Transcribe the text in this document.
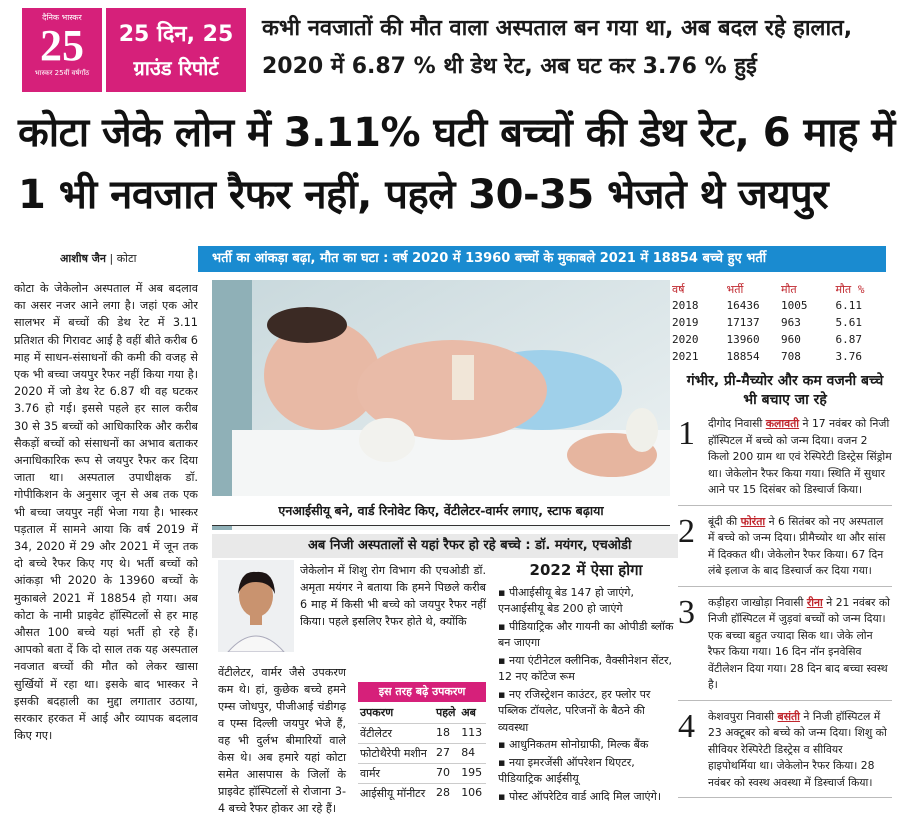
दैनिक भास्कर
25
भास्कर 25वीं वर्षगाँठ
25 दिन, 25
ग्राउंड रिपोर्ट
कभी नवजातों की मौत वाला अस्पताल बन गया था, अब बदल रहे हालात, 2020 में 6.87 % थी डेथ रेट, अब घट कर 3.76 % हुई
कोटा जेके लोन में 3.11% घटी बच्चों की डेथ रेट, 6 माह में 1 भी नवजात रैफर नहीं, पहले 30-35 भेजते थे जयपुर
आशीष जैन | कोटा	भर्ती का आंकड़ा बढ़ा, मौत का घटा : वर्ष 2020 में 13960 बच्चों के मुकाबले 2021 में 18854 बच्चे हुए भर्ती
कोटा के जेकेलोन अस्पताल में अब बदलाव का असर नजर आने लगा है। जहां एक ओर सालभर में बच्चों की डेथ रेट में 3.11 प्रतिशत की गिरावट आई है वहीं बीते करीब 6 माह में साधन-संसाधनों की कमी की वजह से एक भी बच्चा जयपुर रैफर नहीं किया गया है। 2020 में जो डेथ रेट 6.87 थी वह घटकर 3.76 हो गई। इससे पहले हर साल करीब 30 से 35 बच्चों को आधिकारिक और करीब सैकड़ों बच्चों को संसाधनों का अभाव बताकर अनाधिकारिक रूप से जयपुर रैफर कर दिया जाता था। अस्पताल उपाधीक्षक डॉ. गोपीकिशन के अनुसार जून से अब तक एक भी बच्चा जयपुर नहीं भेजा गया है। भास्कर पड़ताल में सामने आया कि वर्ष 2019 में 34, 2020 में 29 और 2021 में जून तक दो बच्चे रैफर किए गए थे। भर्ती बच्चों को आंकड़ा भी 2020 के 13960 बच्चों के मुकाबले 2021 में 18854 हो गया। अब कोटा के नामी प्राइवेट हॉस्पिटलों से हर माह औसत 100 बच्चे यहां भर्ती हो रहे हैं। आपको बता दें कि दो साल तक यह अस्पताल नवजात बच्चों की मौत को लेकर खासा सुर्खियों में रहा था। इसके बाद भास्कर ने इसकी बदहाली का मुद्दा लगातार उठाया, सरकार हरकत में आई और व्यापक बदलाव किए गए।
एनआईसीयू बने, वार्ड रिनोवेट किए, वेंटीलेटर-वार्मर लगाए, स्टाफ बढ़ाया
वर्ष	भर्ती	मौत	मौत %
2018	16436	1005	6.11
2019	17137	963	5.61
2020	13960	960	6.87
2021	18854	708	3.76
गंभीर, प्री-मैच्योर और कम वजनी बच्चे भी बचाए जा रहे
1 दीगोद निवासी कलावती ने 17 नवंबर को निजी हॉस्पिटल में बच्चे को जन्म दिया। वजन 2 किलो 200 ग्राम था एवं रेस्पिरेटी डिस्ट्रेस सिंड्रोम था। जेकेलोन रैफर किया गया। स्थिति में सुधार आने पर 15 दिसंबर को डिस्चार्ज किया।
2 बूंदी की फोरंता ने 6 सितंबर को नए अस्पताल में बच्चे को जन्म दिया। प्रीमैच्योर था और सांस में दिक्कत थी। जेकेलोन रैफर किया। 67 दिन लंबे इलाज के बाद डिस्चार्ज कर दिया गया।
3 कड़ीहरा जाखोड़ा निवासी रीना ने 21 नवंबर को निजी हॉस्पिटल में जुड़वां बच्चों को जन्म दिया। एक बच्चा बहुत ज्यादा सिक था। जेके लोन रैफर किया गया। 16 दिन नॉन इनवेसिव वेंटीलेशन दिया गया। 28 दिन बाद बच्चा स्वस्थ है।
4 केशवपुरा निवासी बसंती ने निजी हॉस्पिटल में 23 अक्टूबर को बच्चे को जन्म दिया। शिशु को सीवियर रेस्पिरेटी डिस्ट्रेस व सीवियर हाइपोथर्मिया था। जेकेलोन रैफर किया। 28 नवंबर को स्वस्थ अवस्था में डिस्चार्ज किया।
अब निजी अस्पतालों से यहां रैफर हो रहे बच्चे : डॉ. मयंगर, एचओडी
जेकेलोन में शिशु रोग विभाग की एचओडी डॉ. अमृता मयंगर ने बताया कि हमने पिछले करीब 6 माह में किसी भी बच्चे को जयपुर रैफर नहीं किया। पहले इसलिए रैफर होते थे, क्योंकि
वेंटीलेटर, वार्मर जैसे उपकरण कम थे। हां, कुछेक बच्चे हमने एम्स जोधपुर, पीजीआई चंडीगढ़ व एम्स दिल्ली जयपुर भेजे हैं, वह भी दुर्लभ बीमारियों वाले केस थे। अब हमारे यहां कोटा समेत आसपास के जिलों के प्राइवेट हॉस्पिटलों से रोजाना 3-4 बच्चे रैफर होकर आ रहे हैं।
इस तरह बढ़े उपकरण
उपकरण	पहले	अब
वेंटीलेटर	18	113
फोटोथैरेपी मशीन	27	84
वार्मर	70	195
आईसीयू मॉनीटर	28	106
2022 में ऐसा होगा
▪ पीआईसीयू बेड 147 हो जाएंगे, एनआईसीयू बेड 200 हो जाएंगे
▪ पीडियाट्रिक और गायनी का ओपीडी ब्लॉक बन जाएगा
▪ नया एंटीनेटल क्लीनिक, वैक्सीनेशन सेंटर, 12 नए कॉटेज रूम
▪ नए रजिस्ट्रेशन काउंटर, हर फ्लोर पर पब्लिक टॉयलेट, परिजनों के बैठने की व्यवस्था
▪ आधुनिकतम सोनोग्राफी, मिल्क बैंक
▪ नया इमरजेंसी ऑपरेशन थिएटर, पीडियाट्रिक आईसीयू
▪ पोस्ट ऑपरेटिव वार्ड आदि मिल जाएंगे।
